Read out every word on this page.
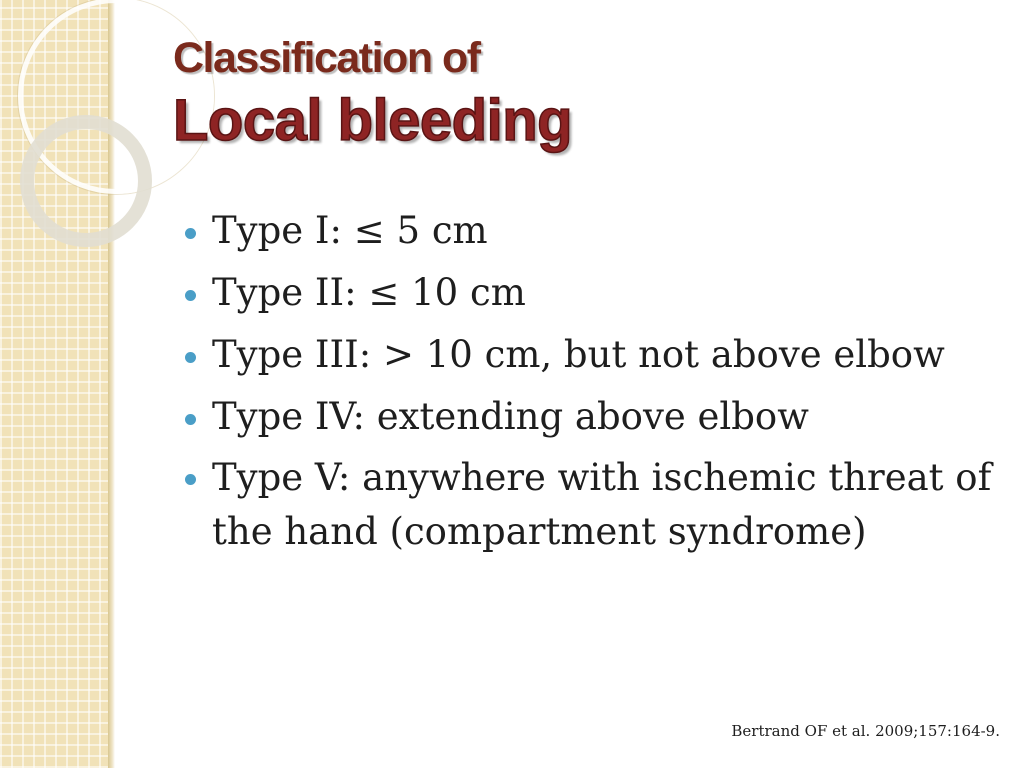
Classification of
Local bleeding
Type I: ≤ 5 cm
Type II: ≤ 10 cm
Type III: > 10 cm, but not above elbow
Type IV: extending above elbow
Type V: anywhere with ischemic threat of the hand (compartment syndrome)

Bertrand OF et al. 2009;157:164-9.
